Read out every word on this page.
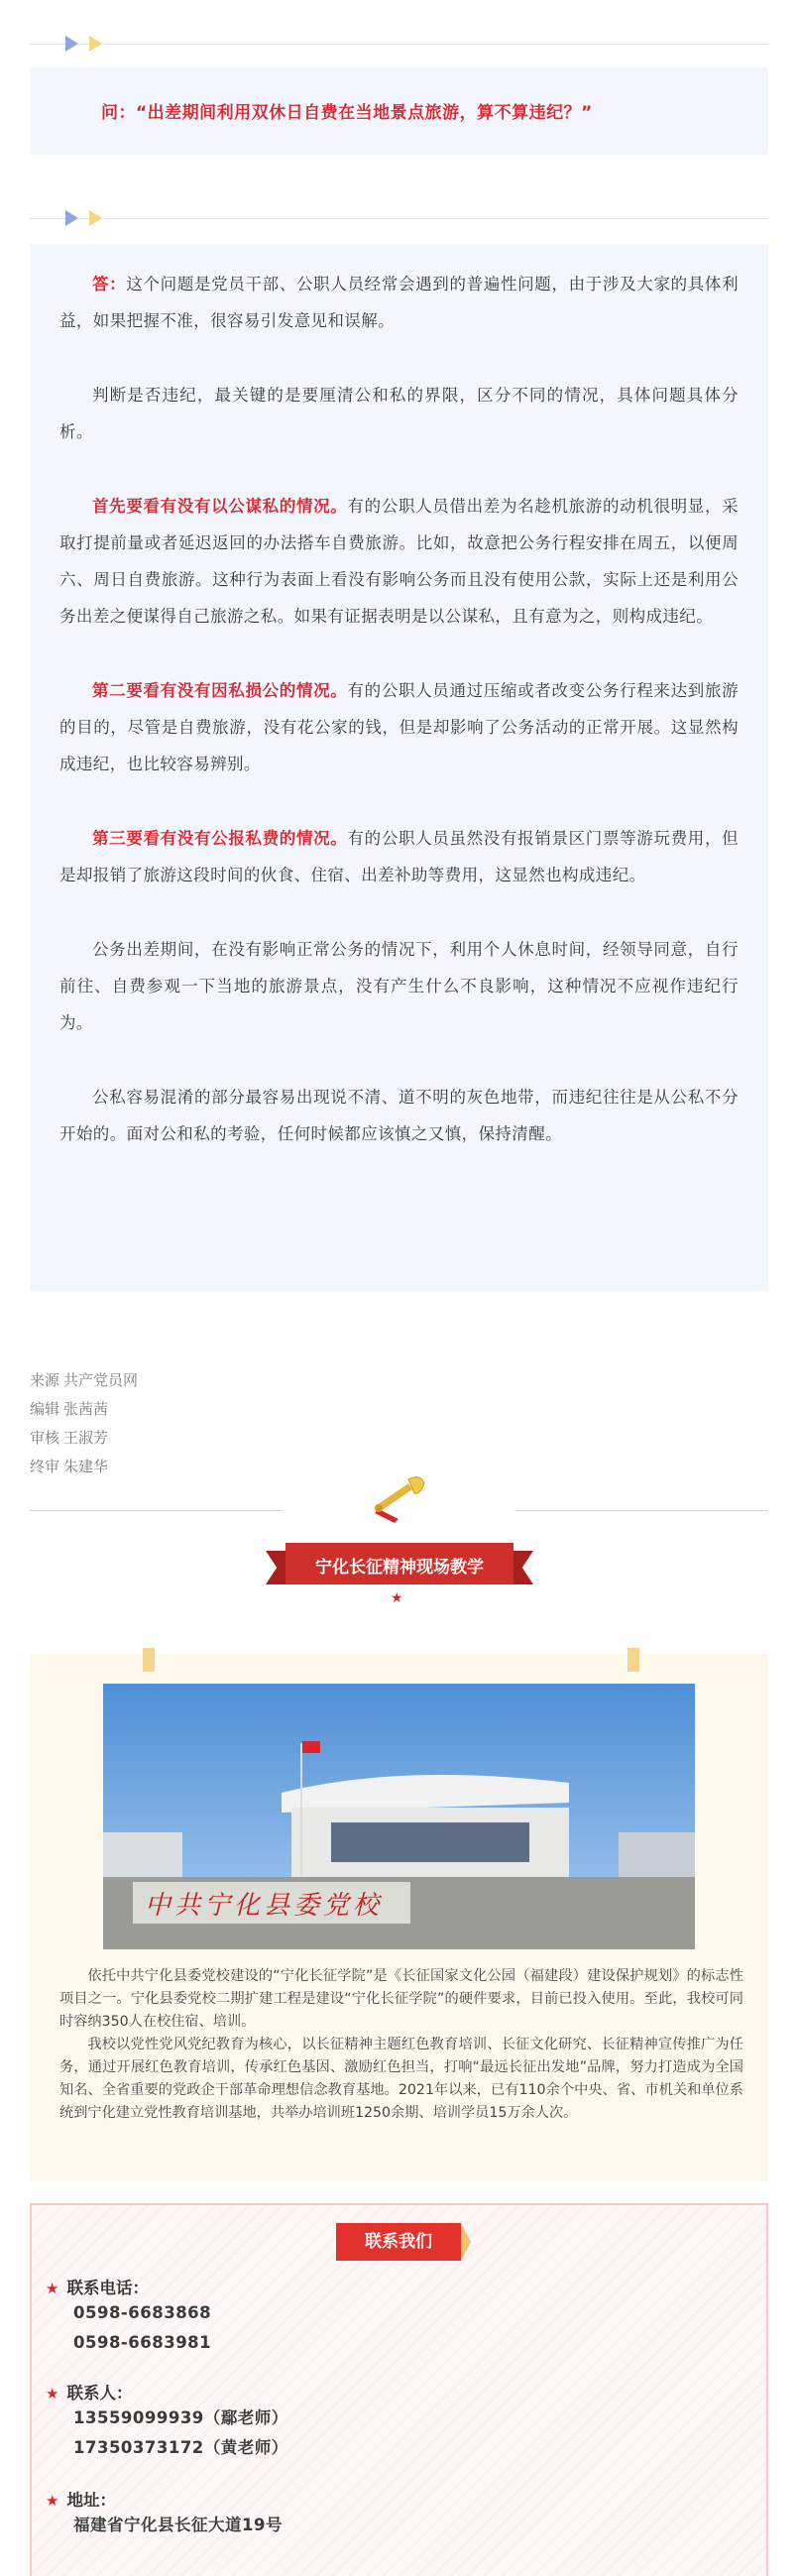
问：“出差期间利用双休日自费在当地景点旅游，算不算违纪？”

答：这个问题是党员干部、公职人员经常会遇到的普遍性问题，由于涉及大家的具体利益，如果把握不准，很容易引发意见和误解。

判断是否违纪，最关键的是要厘清公和私的界限，区分不同的情况，具体问题具体分析。

首先要看有没有以公谋私的情况。有的公职人员借出差为名趁机旅游的动机很明显，采取打提前量或者延迟返回的办法搭车自费旅游。比如，故意把公务行程安排在周五，以便周六、周日自费旅游。这种行为表面上看没有影响公务而且没有使用公款，实际上还是利用公务出差之便谋得自己旅游之私。如果有证据表明是以公谋私，且有意为之，则构成违纪。

第二要看有没有因私损公的情况。有的公职人员通过压缩或者改变公务行程来达到旅游的目的，尽管是自费旅游，没有花公家的钱，但是却影响了公务活动的正常开展。这显然构成违纪，也比较容易辨别。

第三要看有没有公报私费的情况。有的公职人员虽然没有报销景区门票等游玩费用，但是却报销了旅游这段时间的伙食、住宿、出差补助等费用，这显然也构成违纪。

公务出差期间，在没有影响正常公务的情况下，利用个人休息时间，经领导同意，自行前往、自费参观一下当地的旅游景点，没有产生什么不良影响，这种情况不应视作违纪行为。

公私容易混淆的部分最容易出现说不清、道不明的灰色地带，而违纪往往是从公私不分开始的。面对公和私的考验，任何时候都应该慎之又慎，保持清醒。

来源 共产党员网
编辑 张茜茜
审核 王淑芳
终审 朱建华
宁化长征精神现场教学
★
中共宁化县委党校

依托中共宁化县委党校建设的“宁化长征学院”是《长征国家文化公园（福建段）建设保护规划》的标志性项目之一。宁化县委党校二期扩建工程是建设“宁化长征学院”的硬件要求，目前已投入使用。至此，我校可同时容纳350人在校住宿、培训。

我校以党性党风党纪教育为核心，以长征精神主题红色教育培训、长征文化研究、长征精神宣传推广为任务，通过开展红色教育培训，传承红色基因、激励红色担当，打响“最远长征出发地”品牌，努力打造成为全国知名、全省重要的党政企干部革命理想信念教育基地。2021年以来，已有110余个中央、省、市机关和单位系统到宁化建立党性教育培训基地，共举办培训班1250余期、培训学员15万余人次。

联系我们
★ 联系电话：
0598-6683868
0598-6683981
★ 联系人：
13559099939（鄢老师）
17350373172（黄老师）
★ 地址：
福建省宁化县长征大道19号
